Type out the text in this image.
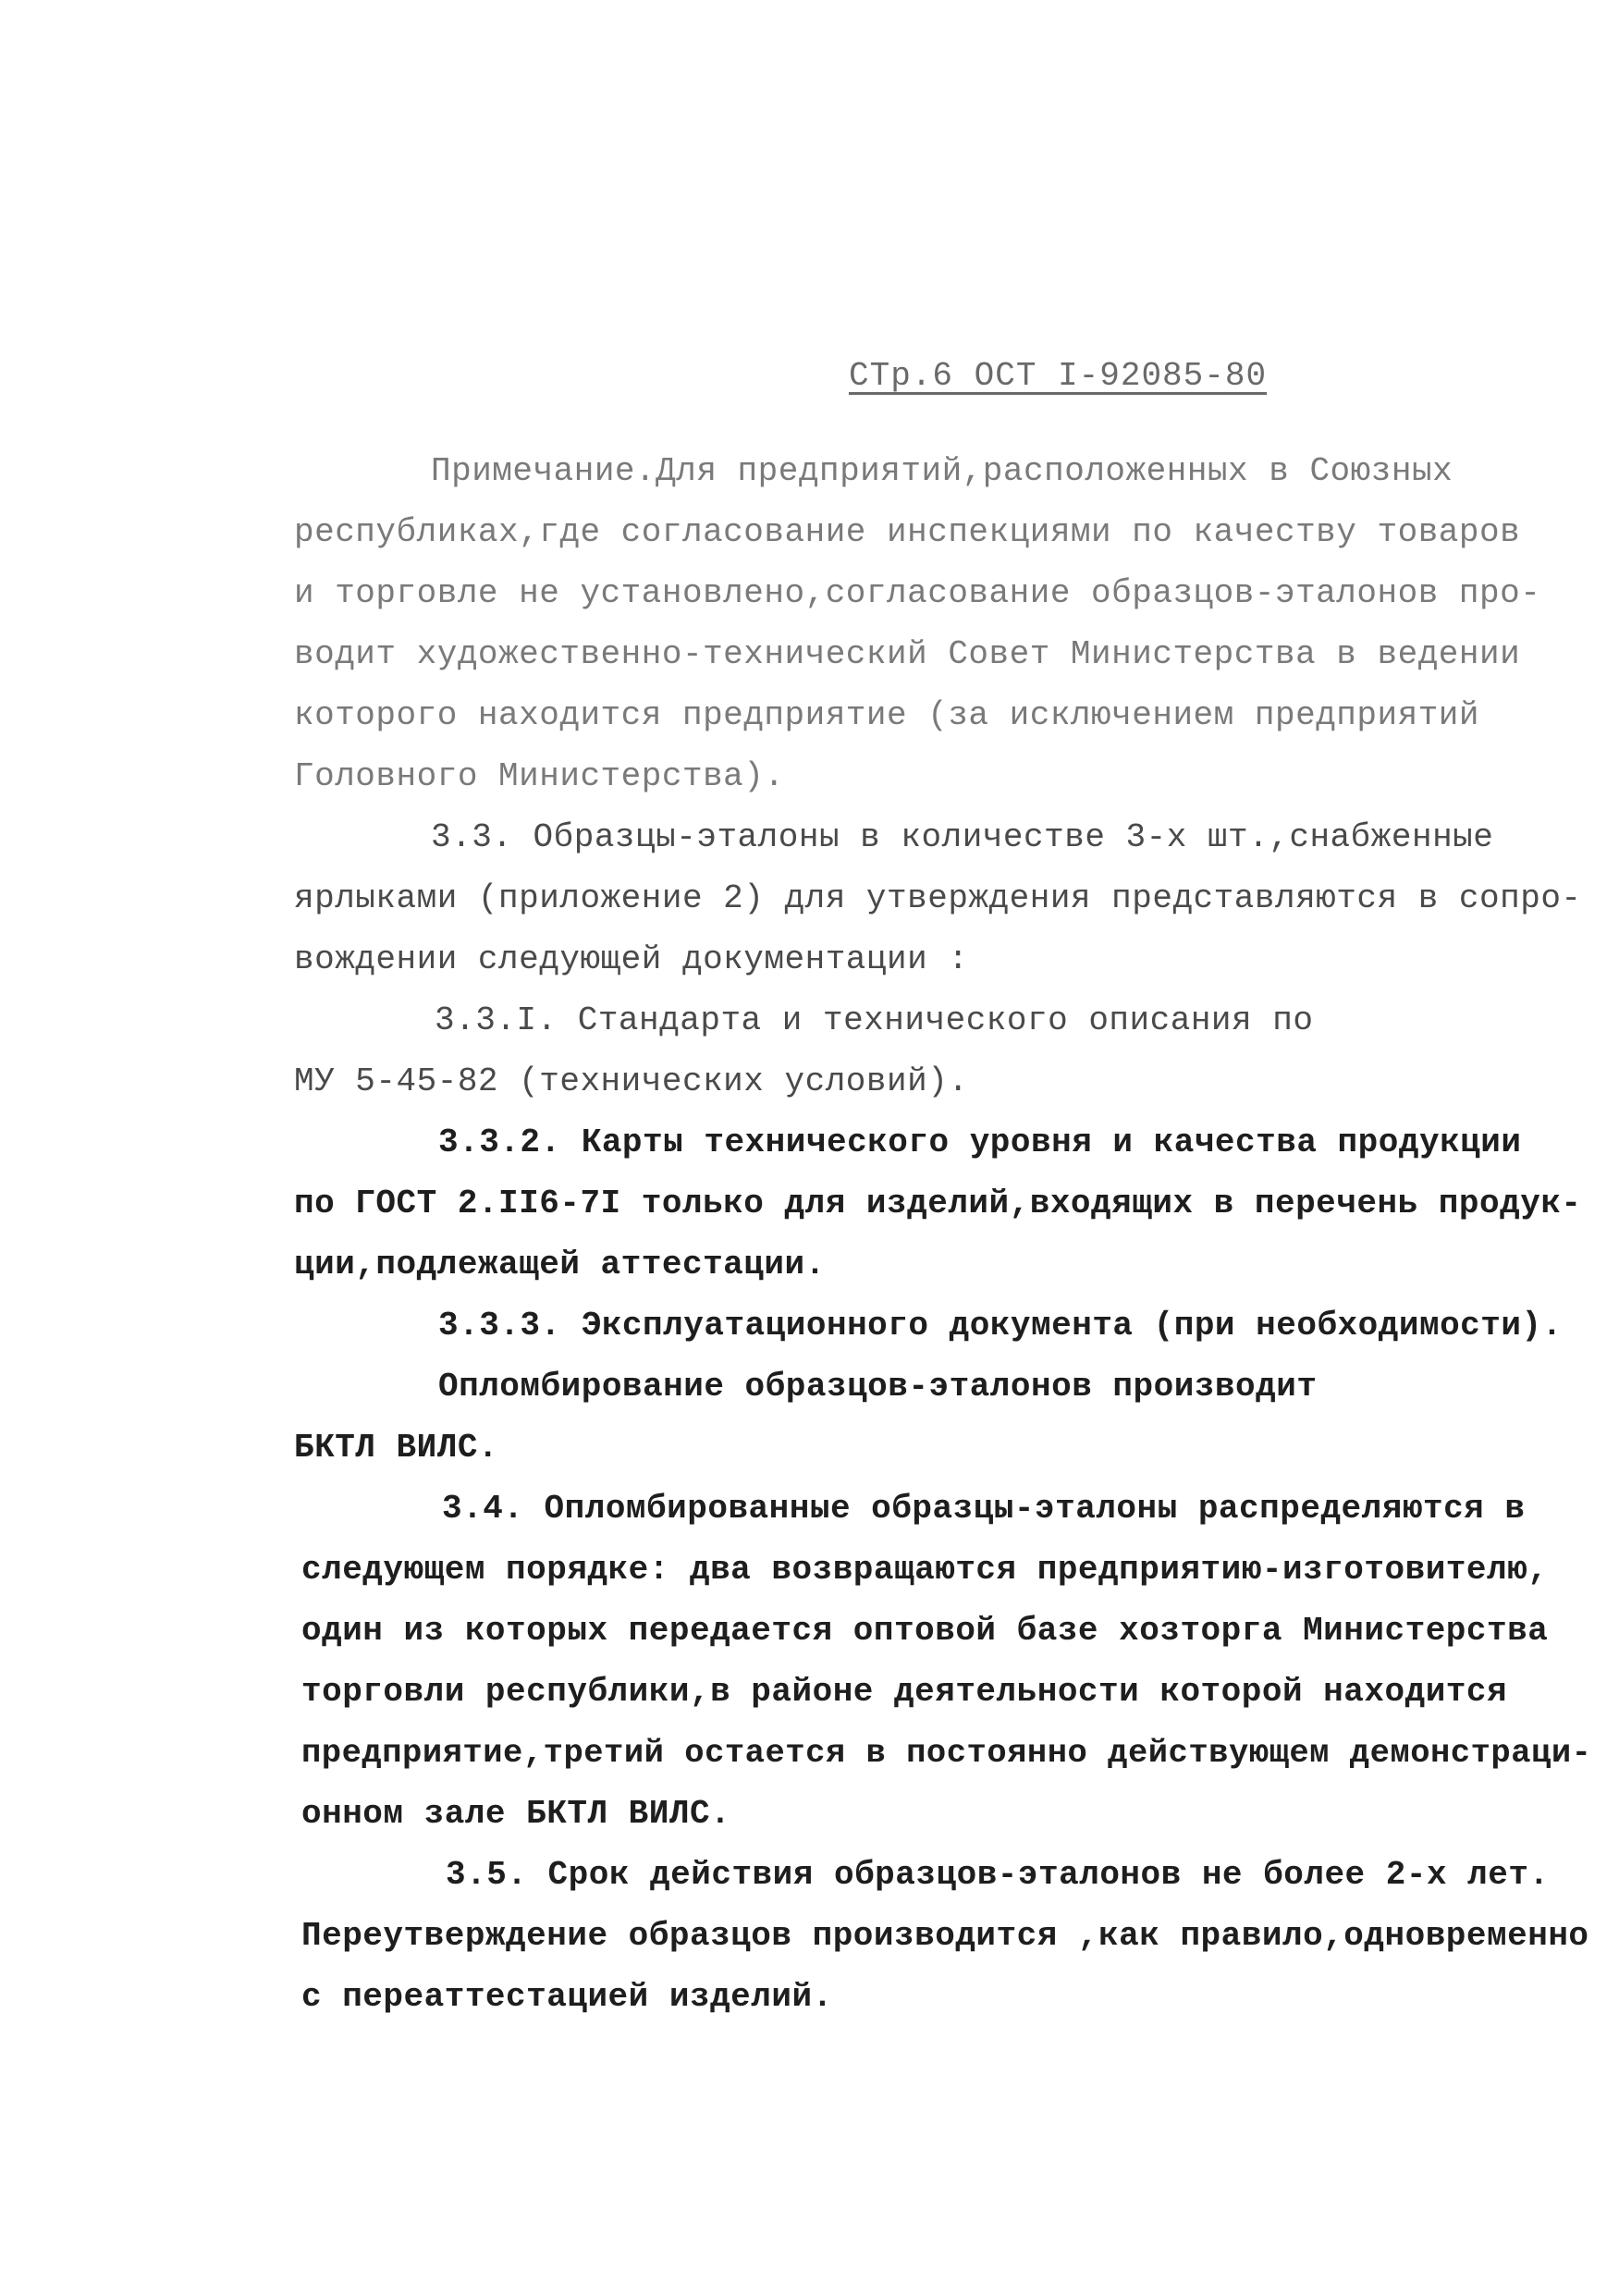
СТр.6 ОСТ I-92085-80
Примечание.Для предприятий,расположенных в Союзных
республиках,где согласование инспекциями по качеству товаров
и торговле не установлено,согласование образцов-эталонов про-
водит художественно-технический Совет Министерства в ведении
которого находится предприятие (за исключением предприятий
Головного Министерства).
3.3. Образцы-эталоны в количестве 3-х шт.,снабженные
ярлыками (приложение 2) для утверждения представляются в сопро-
вождении следующей документации :
3.3.I. Стандарта и технического описания по
МУ 5-45-82 (технических условий).
3.3.2. Карты технического уровня и качества продукции
по ГОСТ 2.II6-7I только для изделий,входящих в перечень продук-
ции,подлежащей аттестации.
3.3.3. Эксплуатационного документа (при необходимости).
Опломбирование образцов-эталонов производит
БКТЛ ВИЛС.
3.4. Опломбированные образцы-эталоны распределяются в
следующем порядке: два возвращаются предприятию-изготовителю,
один из которых передается оптовой базе хозторга Министерства
торговли республики,в районе деятельности которой находится
предприятие,третий остается в постоянно действующем демонстраци-
онном зале БКТЛ ВИЛС.
3.5. Срок действия образцов-эталонов не более 2-х лет.
Переутверждение образцов производится ,как правило,одновременно
с переаттестацией изделий.
